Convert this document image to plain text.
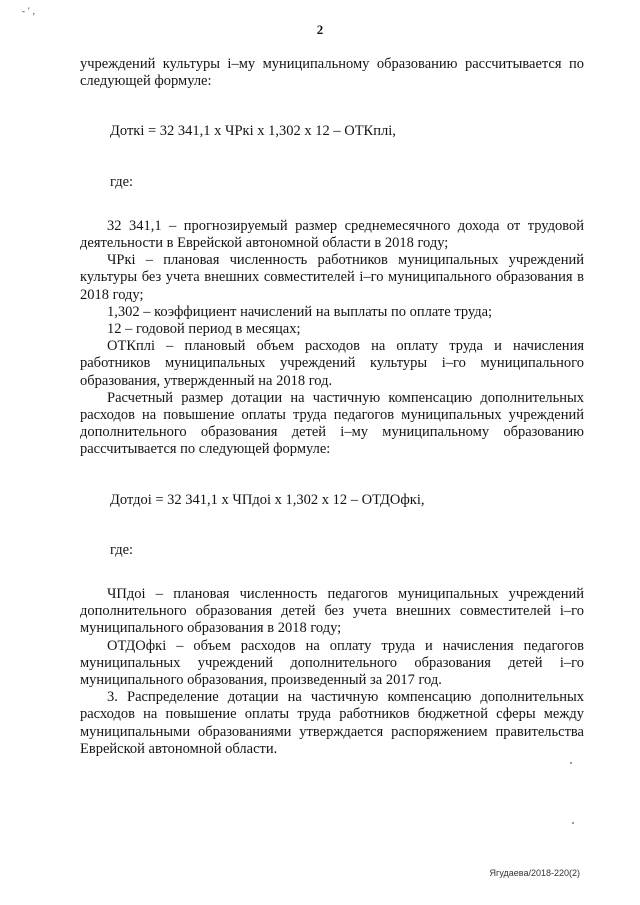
-',
2

учреждений культуры i–му муниципальному образованию рассчитывается по следующей формуле:

Доткi = 32 341,1 x ЧРкi x 1,302 x 12 – ОТКплi,

где:

32 341,1 – прогнозируемый размер среднемесячного дохода от трудовой деятельности в Еврейской автономной области в 2018 году;

ЧРкi – плановая численность работников муниципальных учреждений культуры без учета внешних совместителей i–го муниципального образования в 2018 году;

1,302 – коэффициент начислений на выплаты по оплате труда;

12 – годовой период в месяцах;

ОТКплi – плановый объем расходов на оплату труда и начисления работников муниципальных учреждений культуры i–го муниципального образования, утвержденный на 2018 год.

Расчетный размер дотации на частичную компенсацию дополнительных расходов на повышение оплаты труда педагогов муниципальных учреждений дополнительного образования детей i–му муниципальному образованию рассчитывается по следующей формуле:

Дотдоi = 32 341,1 x ЧПдоi x 1,302 x 12 – ОТДОфкi,

где:

ЧПдоi – плановая численность педагогов муниципальных учреждений дополнительного образования детей без учета внешних совместителей i–го муниципального образования в 2018 году;

ОТДОфкi – объем расходов на оплату труда и начисления педагогов муниципальных учреждений дополнительного образования детей i–го муниципального образования, произведенный за 2017 год.

3. Распределение дотации на частичную компенсацию дополнительных расходов на повышение оплаты труда работников бюджетной сферы между муниципальными образованиями утверждается распоряжением правительства Еврейской автономной области.

Ягудаева/2018-220(2)
